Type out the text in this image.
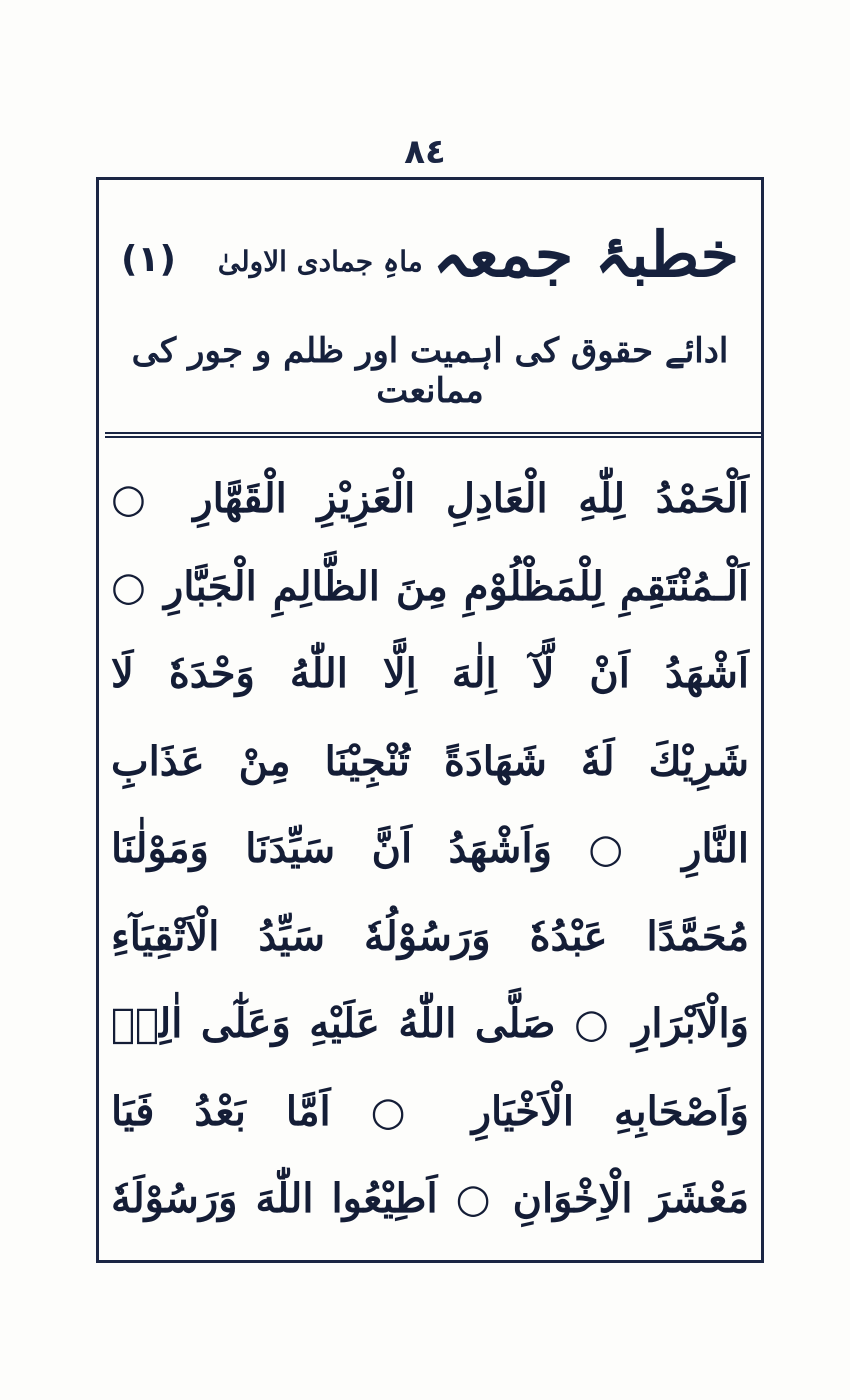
٨٤
خطبۂ جمعہ
ماہِ جمادی الاولیٰ
(١)
ادائے حقوق کی اہمیت اور ظلم و جور کی ممانعت
اَلْحَمْدُ لِلّٰهِ الْعَادِلِ الْعَزِيْزِ الْقَهَّارِ ○
اَلْـمُنْتَقِمِ لِلْمَظْلُوْمِ مِنَ الظَّالِمِ الْجَبَّارِ ○
اَشْهَدُ اَنْ لَّآ اِلٰهَ اِلَّا اللّٰهُ وَحْدَهٗ لَا
شَرِيْكَ لَهٗ شَهَادَةً تُنْجِيْنَا مِنْ عَذَابِ
النَّارِ ○ وَاَشْهَدُ اَنَّ سَيِّدَنَا وَمَوْلٰنَا
مُحَمَّدًا عَبْدُهٗ وَرَسُوْلُهٗ سَيِّدُ الْاَتْقِيَآءِ
وَالْاَبْرَارِ ○ صَلَّى اللّٰهُ عَلَيْهِ وَعَلٰٓى اٰلِهٖ
وَاَصْحَابِهِ الْاَخْيَارِ ○ اَمَّا بَعْدُ فَيَا
مَعْشَرَ الْاِخْوَانِ ○ اَطِيْعُوا اللّٰهَ وَرَسُوْلَهٗ
